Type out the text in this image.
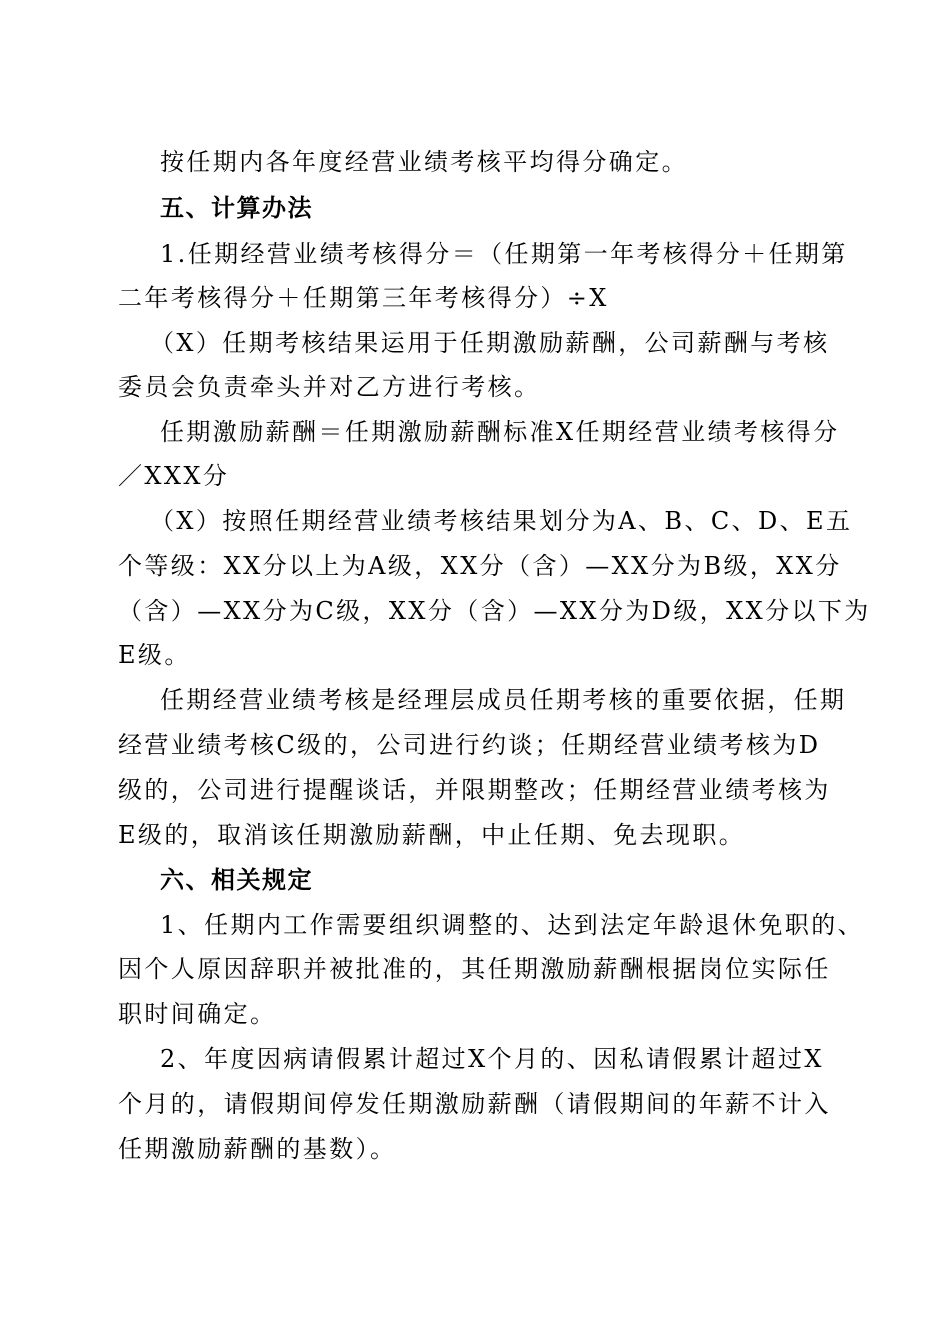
按任期内各年度经营业绩考核平均得分确定。

五、计算办法

1.任期经营业绩考核得分＝（任期第一年考核得分＋任期第

二年考核得分＋任期第三年考核得分）÷X

（X）任期考核结果运用于任期激励薪酬，公司薪酬与考核

委员会负责牵头并对乙方进行考核。

任期激励薪酬＝任期激励薪酬标准X任期经营业绩考核得分

／XXX分

（X）按照任期经营业绩考核结果划分为A、B、C、D、E五

个等级：XX分以上为A级，XX分（含）—XX分为B级，XX分

（含）—XX分为C级，XX分（含）—XX分为D级，XX分以下为

E级。

任期经营业绩考核是经理层成员任期考核的重要依据，任期

经营业绩考核C级的，公司进行约谈；任期经营业绩考核为D

级的，公司进行提醒谈话，并限期整改；任期经营业绩考核为

E级的，取消该任期激励薪酬，中止任期、免去现职。

六、相关规定

1、任期内工作需要组织调整的、达到法定年龄退休免职的、

因个人原因辞职并被批准的，其任期激励薪酬根据岗位实际任

职时间确定。

2、年度因病请假累计超过X个月的、因私请假累计超过X

个月的，请假期间停发任期激励薪酬（请假期间的年薪不计入

任期激励薪酬的基数）。
